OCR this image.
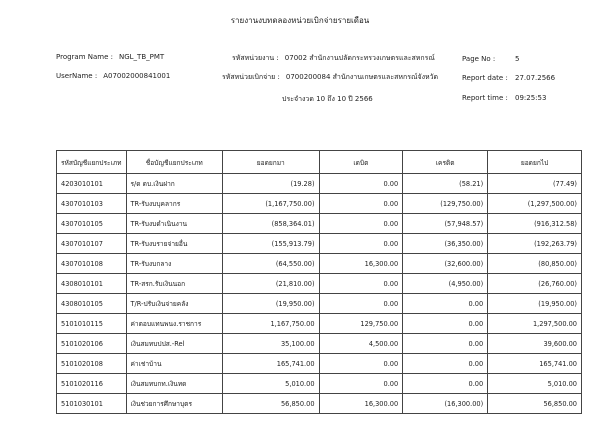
รายงานงบทดลองหน่วยเบิกจ่ายรายเดือน
Program Name : NGL_TB_PMT
UserName : A07002000841001
รหัสหน่วยงาน : 07002 สำนักงานปลัดกระทรวงเกษตรและสหกรณ์
รหัสหน่วยเบิกจ่าย : 0700200084 สำนักงานเกษตรและสหกรณ์จังหวัด
ประจำงวด 10 ถึง 10 ปี 2566
Page No :	5
Report date : 27.07.2566
Report time : 09:25:53
รหัสบัญชีแยกประเภท	ชื่อบัญชีแยกประเภท	ยอดยกมา	เดบิต	เครดิต	ยอดยกไป
4203010101	ร/ด ดบ.เงินฝาก	(19.28)	0.00	(58.21)	(77.49)
4307010103	TR-รับงบบุคลากร	(1,167,750.00)	0.00	(129,750.00)	(1,297,500.00)
4307010105	TR-รับงบดำเนินงาน	(858,364.01)	0.00	(57,948.57)	(916,312.58)
4307010107	TR-รับงบรายจ่ายอื่น	(155,913.79)	0.00	(36,350.00)	(192,263.79)
4307010108	TR-รับงบกลาง	(64,550.00)	16,300.00	(32,600.00)	(80,850.00)
4308010101	TR-สรก.รับเงินนอก	(21,810.00)	0.00	(4,950.00)	(26,760.00)
4308010105	T/R-ปรับเงินจ่ายคลัง	(19,950.00)	0.00	0.00	(19,950.00)
5101010115	ค่าตอบแทนพนง.ราชการ	1,167,750.00	129,750.00	0.00	1,297,500.00
5101020106	เงินสมทบปปส.-Rel	35,100.00	4,500.00	0.00	39,600.00
5101020108	ค่าเช่าบ้าน	165,741.00	0.00	0.00	165,741.00
5101020116	เงินสมทบกท.เงินทด	5,010.00	0.00	0.00	5,010.00
5101030101	เงินช่วยการศึกษาบุตร	56,850.00	16,300.00	(16,300.00)	56,850.00
